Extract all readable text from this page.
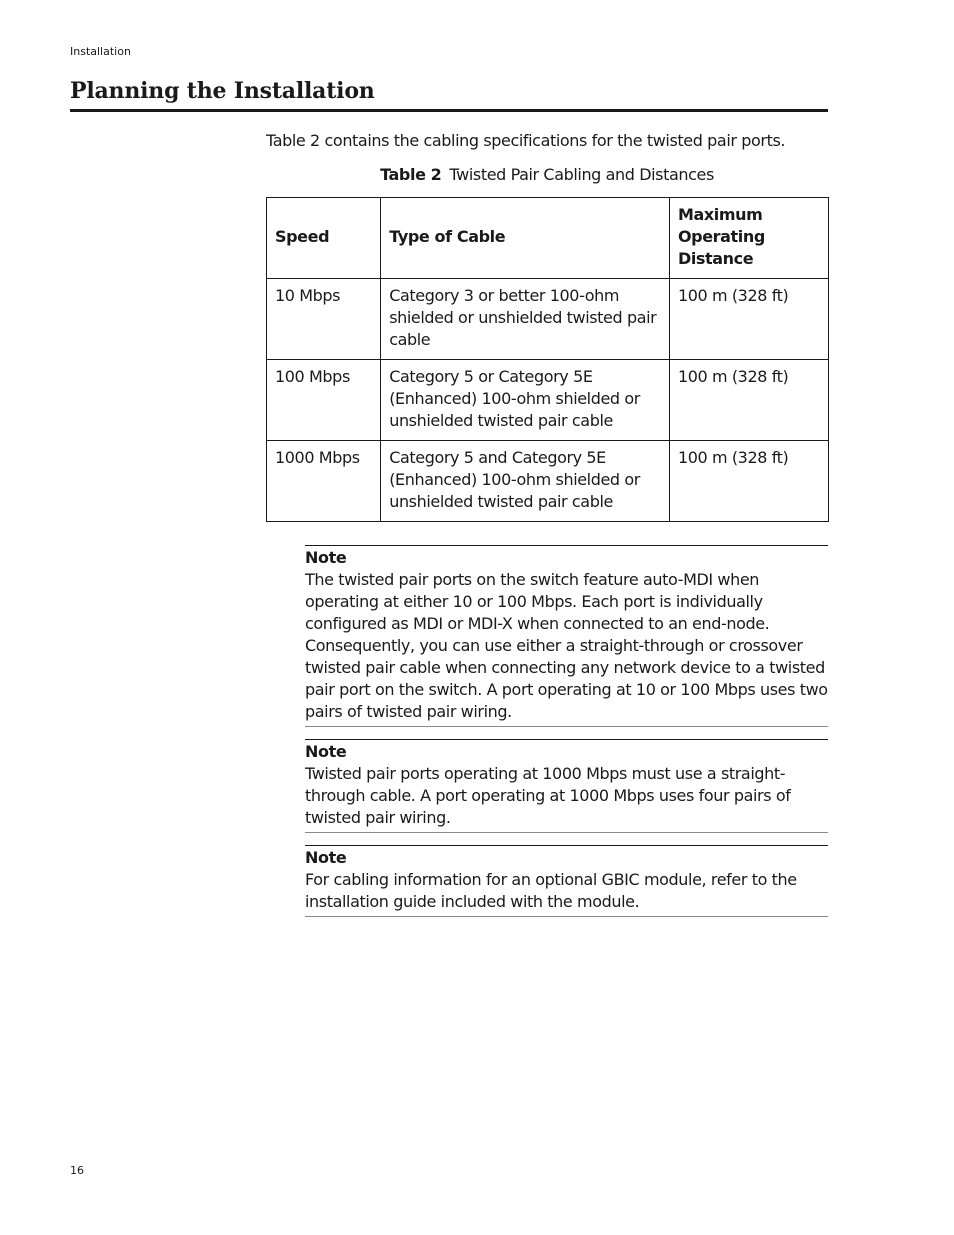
Installation
Planning the Installation
Table 2 contains the cabling specifications for the twisted pair ports.
Table 2 Twisted Pair Cabling and Distances
Speed	Type of Cable	Maximum Operating Distance
10 Mbps	Category 3 or better 100-ohm shielded or unshielded twisted pair cable	100 m (328 ft)
100 Mbps	Category 5 or Category 5E (Enhanced) 100-ohm shielded or unshielded twisted pair cable	100 m (328 ft)
1000 Mbps	Category 5 and Category 5E (Enhanced) 100-ohm shielded or unshielded twisted pair cable	100 m (328 ft)
Note
The twisted pair ports on the switch feature auto-MDI when operating at either 10 or 100 Mbps. Each port is individually configured as MDI or MDI-X when connected to an end-node. Consequently, you can use either a straight-through or crossover twisted pair cable when connecting any network device to a twisted pair port on the switch. A port operating at 10 or 100 Mbps uses two pairs of twisted pair wiring.
Note
Twisted pair ports operating at 1000 Mbps must use a straight-through cable. A port operating at 1000 Mbps uses four pairs of twisted pair wiring.
Note
For cabling information for an optional GBIC module, refer to the installation guide included with the module.
16
